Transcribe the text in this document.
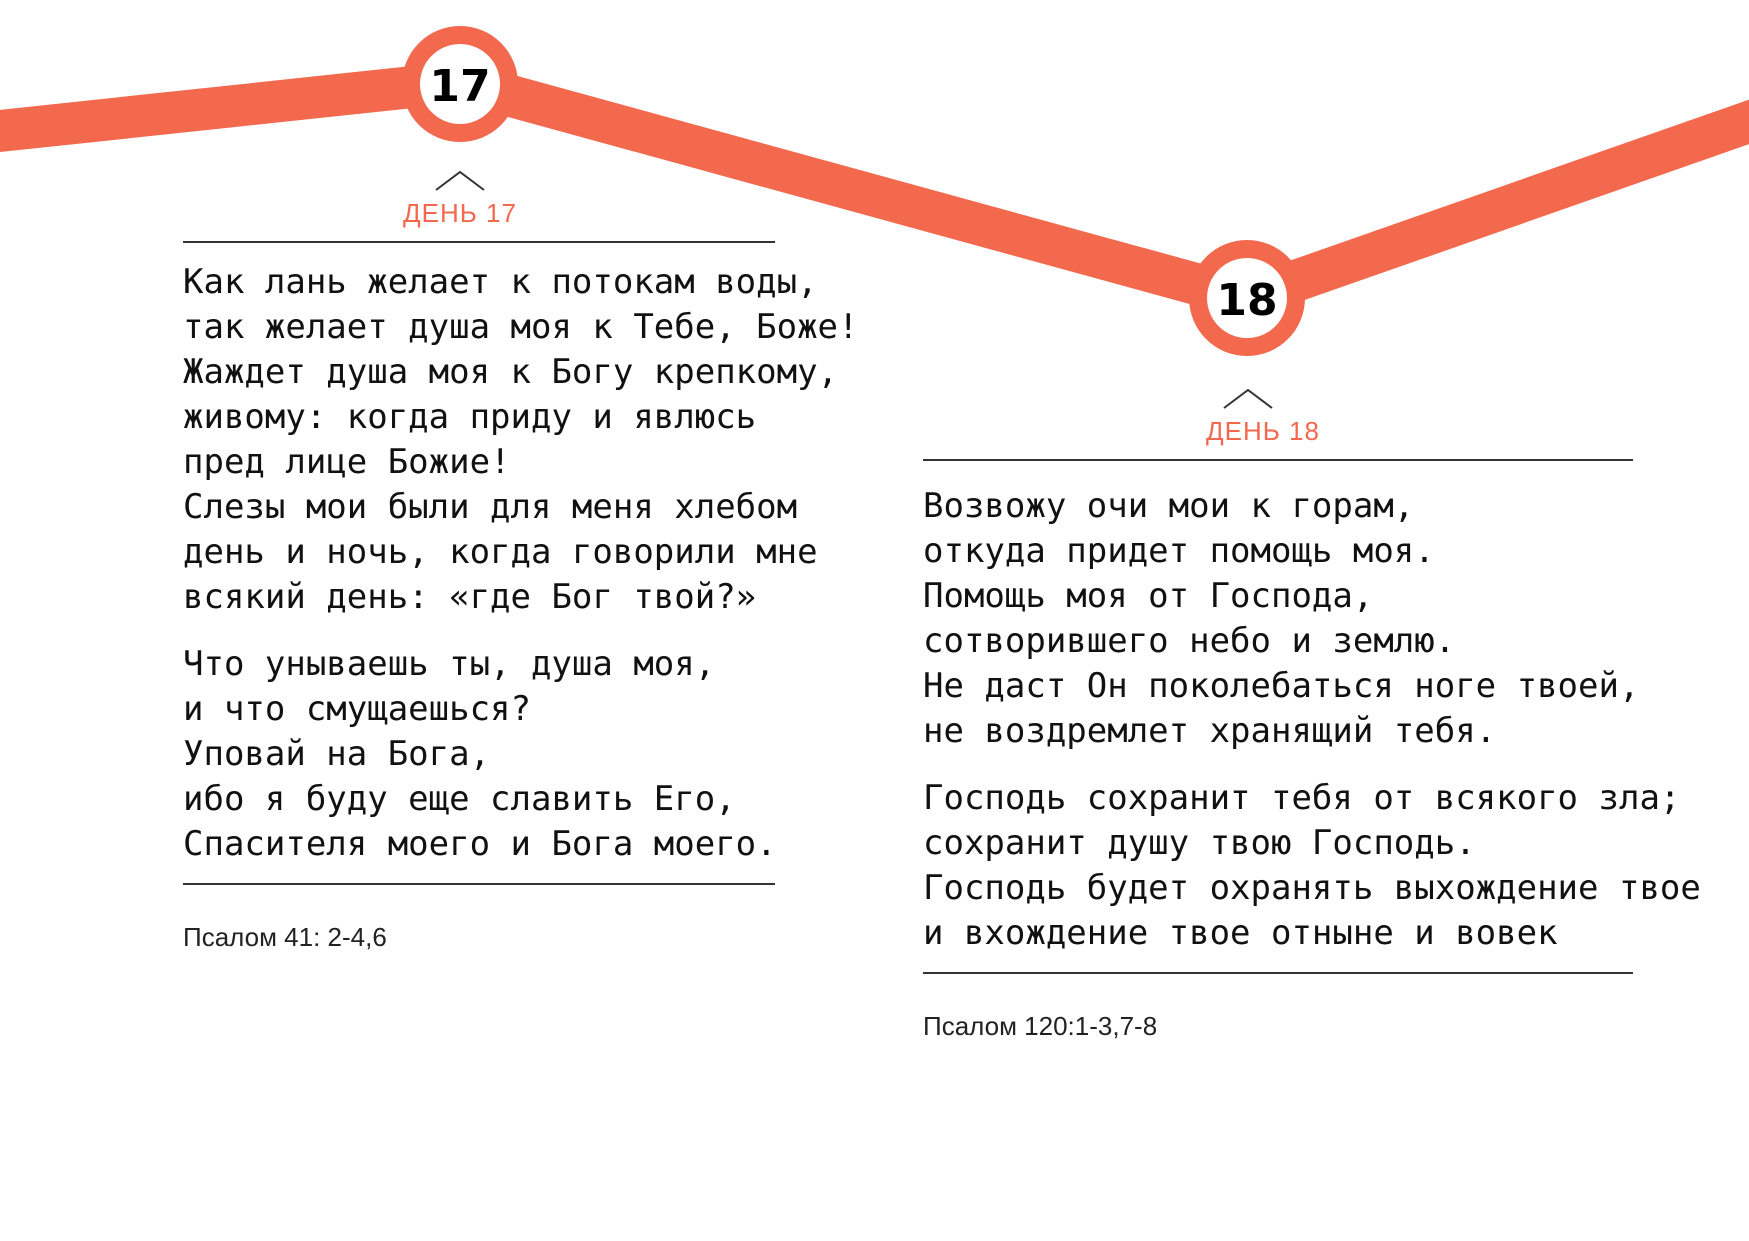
17
18
ДЕНЬ 17
Как лань желает к потокам воды,
так желает душа моя к Тебе, Боже!
Жаждет душа моя к Богу крепкому,
живому: когда приду и явлюсь
пред лице Божие!
Слезы мои были для меня хлебом
день и ночь, когда говорили мне
всякий день: «где Бог твой?»
Что унываешь ты, душа моя,
и что смущаешься?
Уповай на Бога,
ибо я буду еще славить Его,
Спасителя моего и Бога моего.
Псалом 41: 2-4,6
ДЕНЬ 18
Возвожу очи мои к горам,
откуда придет помощь моя.
Помощь моя от Господа,
сотворившего небо и землю.
Не даст Он поколебаться ноге твоей,
не воздремлет хранящий тебя.
Господь сохранит тебя от всякого зла;
сохранит душу твою Господь.
Господь будет охранять выхождение твое
и вхождение твое отныне и вовек
Псалом 120:1-3,7-8
